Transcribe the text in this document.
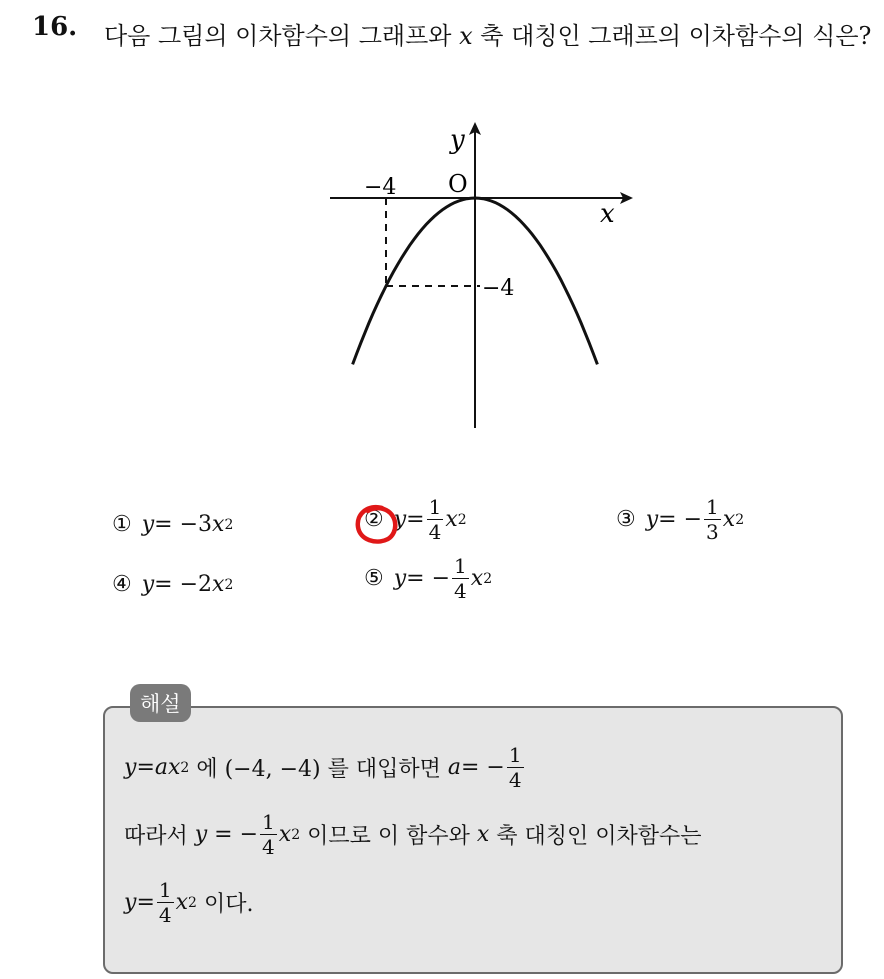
16. 다음 그림의 이차함수의 그래프와 x 축 대칭인 그래프의 이차함수의 식은?
y
x
O
−4
−4
① y = −3 x 2	② $y = \frac{1}{4}$ x 2	③ y = − $\frac{1}{3}$ x 2
④ y = −2 x 2	⑤ y = − $\frac{1}{4}$ x 2
해설
y = a x 2 에 (−4, −4) 를 대입하면 a = − $\frac{1}{4}$
따라서 y = − $\frac{1}{4}$ x 2 이므로 이 함수와 x 축 대칭인 이차함수는
$y = \frac{1}{4}$ x 2 이다.
